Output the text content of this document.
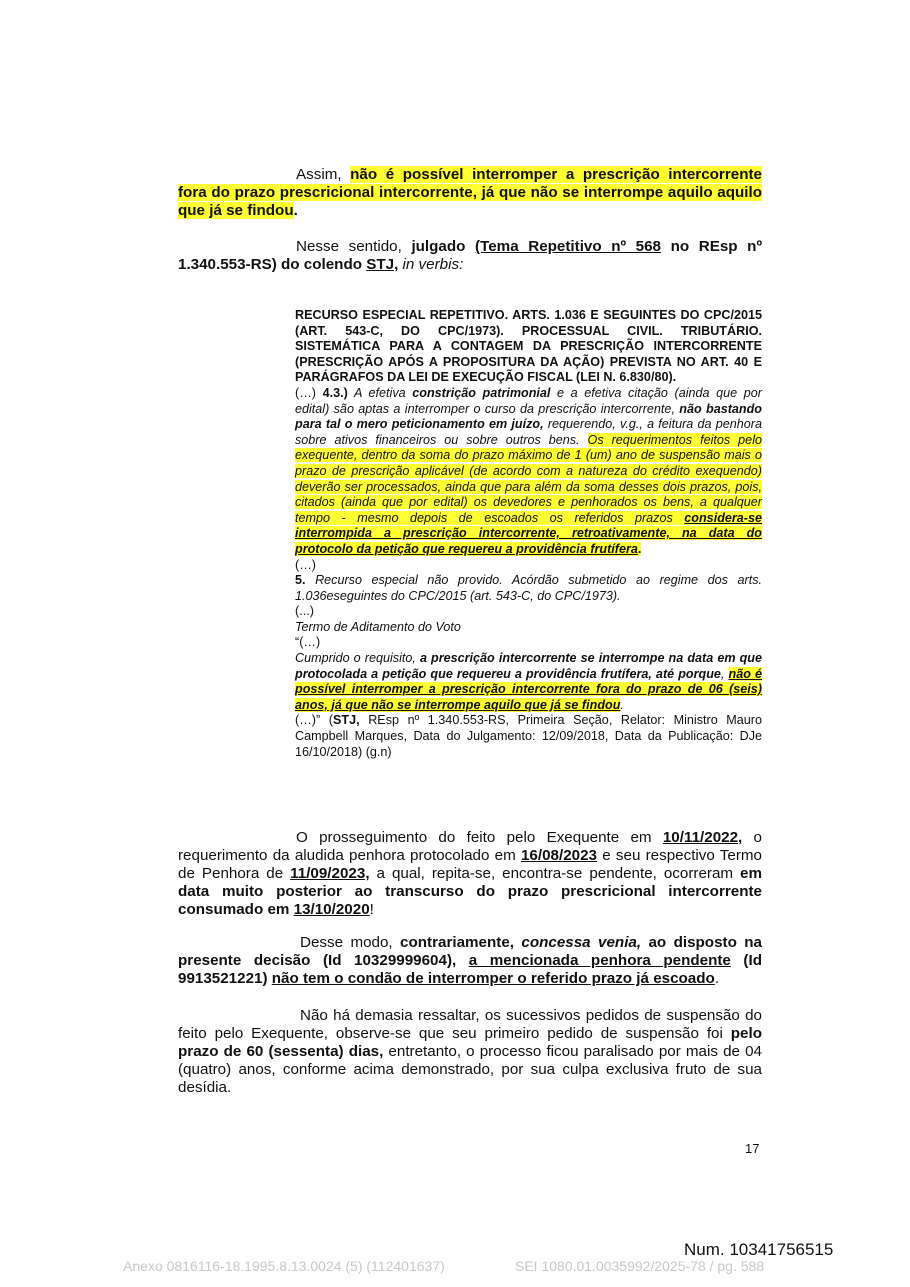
Assim, não é possível interromper a prescrição intercorrente fora do prazo prescricional intercorrente, já que não se interrompe aquilo aquilo que já se findou.

Nesse sentido, julgado (Tema Repetitivo nº 568 no REsp nº 1.340.553-RS) do colendo STJ, in verbis:

RECURSO ESPECIAL REPETITIVO. ARTS. 1.036 E SEGUINTES DO CPC/2015 (ART. 543-C, DO CPC/1973). PROCESSUAL CIVIL. TRIBUTÁRIO. SISTEMÁTICA PARA A CONTAGEM DA PRESCRIÇÃO INTERCORRENTE (PRESCRIÇÃO APÓS A PROPOSITURA DA AÇÃO) PREVISTA NO ART. 40 E PARÁGRAFOS DA LEI DE EXECUÇÃO FISCAL (LEI N. 6.830/80).

(…) 4.3.) A efetiva constrição patrimonial e a efetiva citação (ainda que por edital) são aptas a interromper o curso da prescrição intercorrente, não bastando para tal o mero peticionamento em juízo, requerendo, v.g., a feitura da penhora sobre ativos financeiros ou sobre outros bens. Os requerimentos feitos pelo exequente, dentro da soma do prazo máximo de 1 (um) ano de suspensão mais o prazo de prescrição aplicável (de acordo com a natureza do crédito exequendo) deverão ser processados, ainda que para além da soma desses dois prazos, pois, citados (ainda que por edital) os devedores e penhorados os bens, a qualquer tempo - mesmo depois de escoados os referidos prazos considera-se interrompida a prescrição intercorrente, retroativamente, na data do protocolo da petição que requereu a providência frutífera.

(…)

5. Recurso especial não provido. Acórdão submetido ao regime dos arts. 1.036eseguintes do CPC/2015 (art. 543-C, do CPC/1973).

(...)

Termo de Aditamento do Voto

“(…)

Cumprido o requisito, a prescrição intercorrente se interrompe na data em que protocolada a petição que requereu a providência frutífera, até porque, não é possível interromper a prescrição intercorrente fora do prazo de 06 (seis) anos, já que não se interrompe aquilo que já se findou.

(…)” (STJ, REsp nº 1.340.553-RS, Primeira Seção, Relator: Ministro Mauro Campbell Marques, Data do Julgamento: 12/09/2018, Data da Publicação: DJe 16/10/2018) (g.n)

O prosseguimento do feito pelo Exequente em 10/11/2022, o requerimento da aludida penhora protocolado em 16/08/2023 e seu respectivo Termo de Penhora de 11/09/2023, a qual, repita-se, encontra-se pendente, ocorreram em data muito posterior ao transcurso do prazo prescricional intercorrente consumado em 13/10/2020!

Desse modo, contrariamente, concessa venia, ao disposto na presente decisão (Id 10329999604), a mencionada penhora pendente (Id 9913521221) não tem o condão de interromper o referido prazo já escoado.

Não há demasia ressaltar, os sucessivos pedidos de suspensão do feito pelo Exequente, observe-se que seu primeiro pedido de suspensão foi pelo prazo de 60 (sessenta) dias, entretanto, o processo ficou paralisado por mais de 04 (quatro) anos, conforme acima demonstrado, por sua culpa exclusiva fruto de sua desídia.

17
Num. 10341756515
Anexo 0816116-18.1995.8.13.0024 (5) (112401637)	SEI 1080.01.0035992/2025-78 / pg. 588
